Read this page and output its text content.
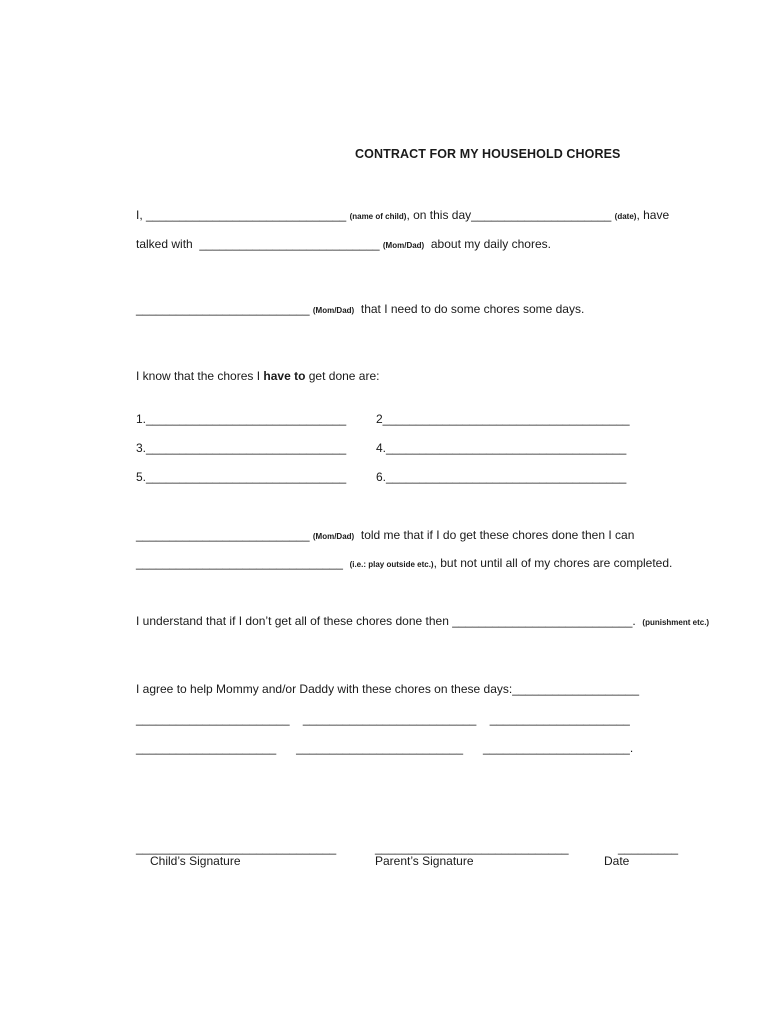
CONTRACT FOR MY HOUSEHOLD CHORES
I, ______________________________ (name of child), on this day_____________________ (date), have
talked with  ___________________________ (Mom/Dad)  about my daily chores.
__________________________ (Mom/Dad)  that I need to do some chores some days.
I know that the chores I have to get done are:
1.______________________________ 2_____________________________________
3.______________________________ 4.____________________________________
5.______________________________ 6.____________________________________
__________________________ (Mom/Dad)  told me that if I do get these chores done then I can
_______________________________  (i.e.: play outside etc.), but not until all of my chores are completed.
I understand that if I don’t get all of these chores done then ___________________________.  (punishment etc.)
I agree to help Mommy and/or Daddy with these chores on these days:___________________
_______________________    __________________________    _____________________
_____________________      _________________________      ______________________.
______________________________	_____________________________	_________
Child’s Signature	Parent’s Signature	Date
